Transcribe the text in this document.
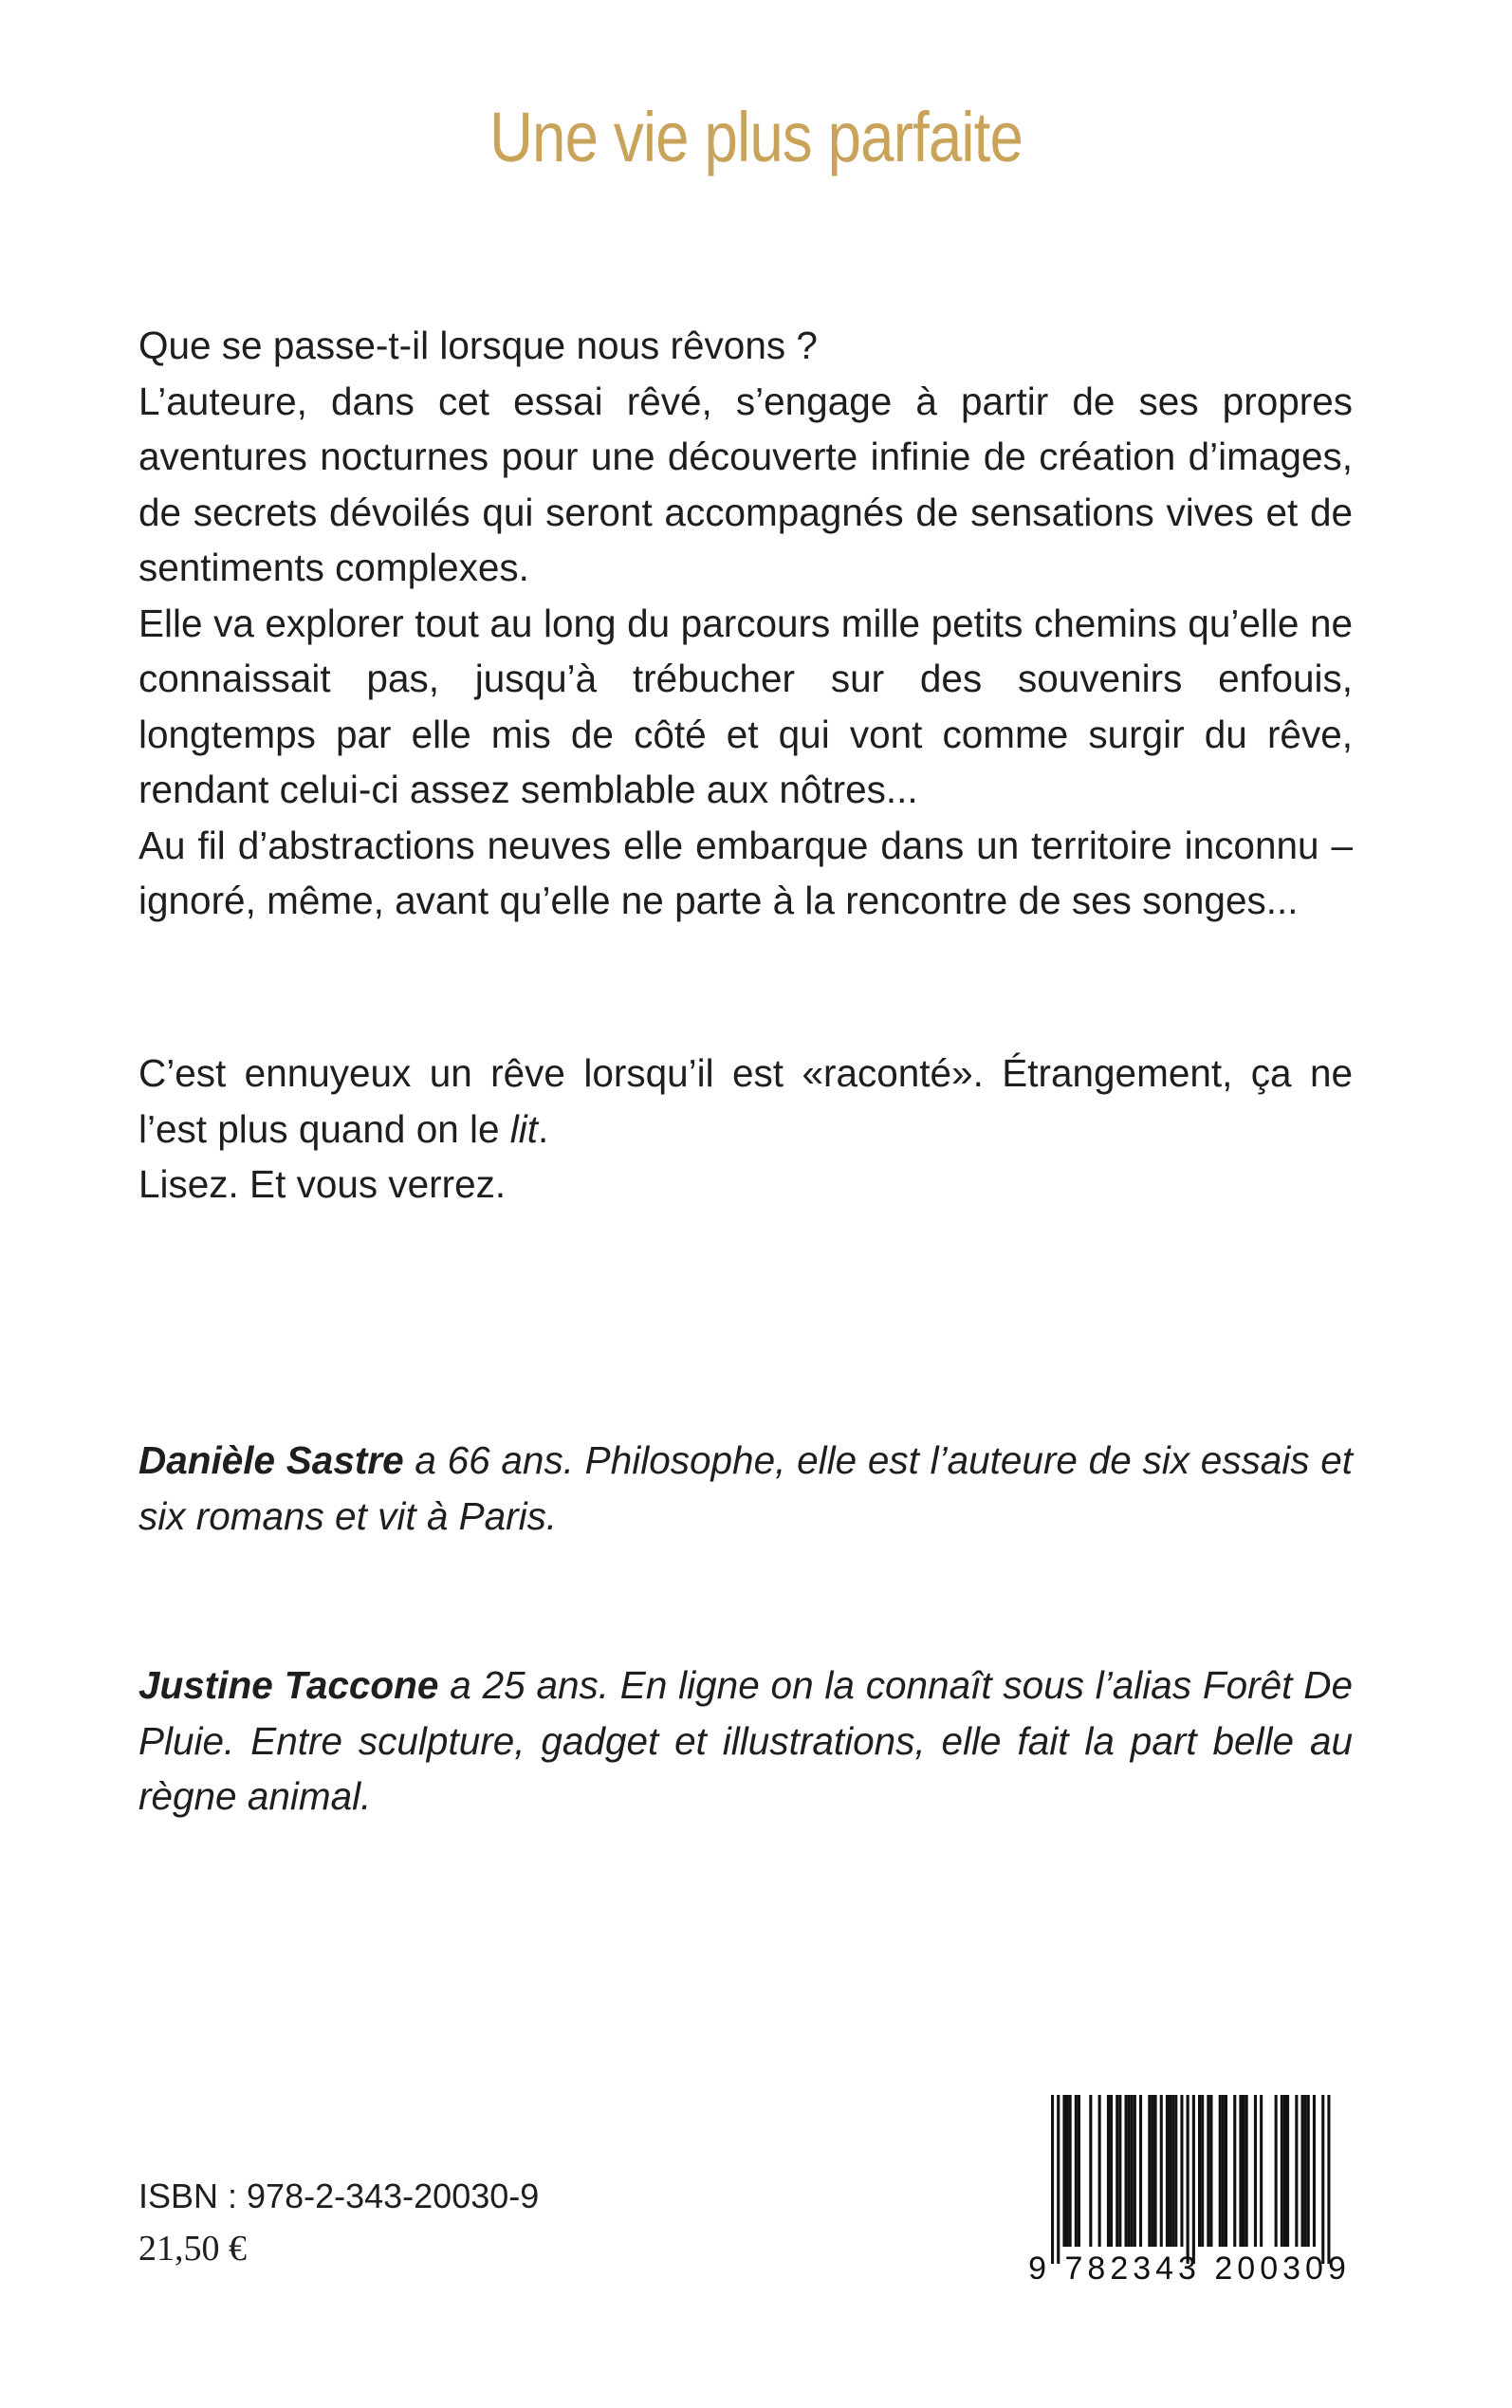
Une vie plus parfaite

Que se passe-t-il lorsque nous rêvons ?

L’auteure, dans cet essai rêvé, s’engage à partir de ses propres aventures nocturnes pour une découverte infinie de création d’images, de secrets dévoilés qui seront accompagnés de sensations vives et de sentiments complexes.

Elle va explorer tout au long du parcours mille petits chemins qu’elle ne connaissait pas, jusqu’à trébucher sur des souvenirs enfouis, longtemps par elle mis de côté et qui vont comme surgir du rêve, rendant celui-ci assez semblable aux nôtres...

Au fil d’abstractions neuves elle embarque dans un territoire inconnu – ignoré, même, avant qu’elle ne parte à la rencontre de ses songes...

C’est ennuyeux un rêve lorsqu’il est «raconté». Étrangement, ça ne l’est plus quand on le lit.

Lisez. Et vous verrez.

Danièle Sastre a 66 ans. Philosophe, elle est l’auteure de six essais et six romans et vit à Paris.

Justine Taccone a 25 ans. En ligne on la connaît sous l’alias Forêt De Pluie. Entre sculpture, gadget et illustrations, elle fait la part belle au règne animal.

ISBN : 978-2-343-20030-9

21,50 €	9 782343 200309
